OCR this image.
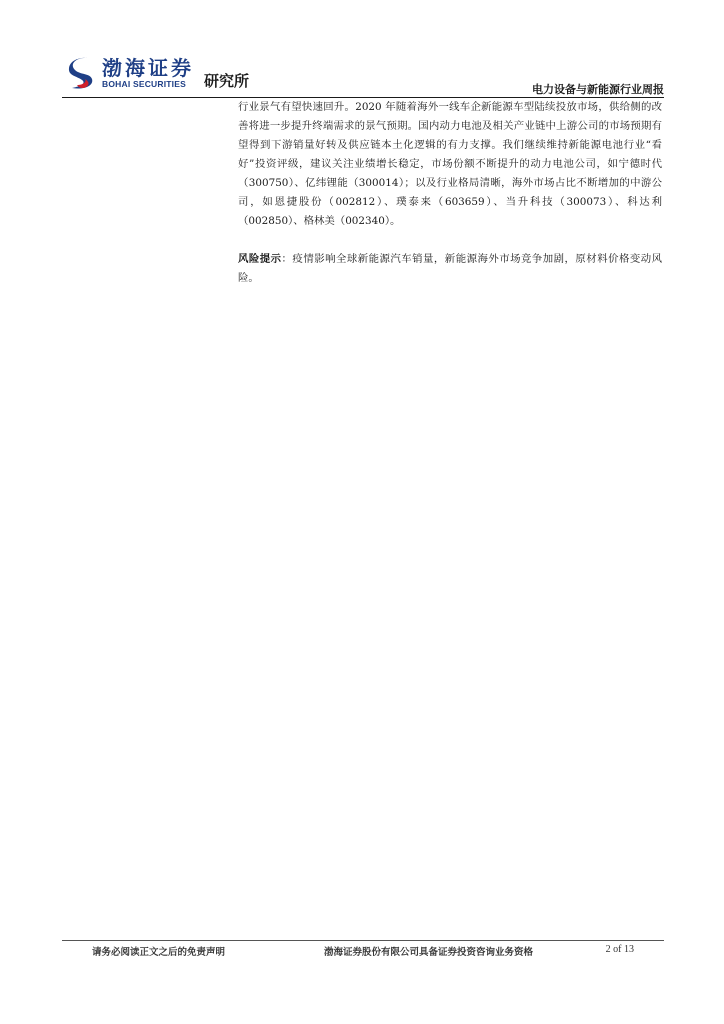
渤海证券
BOHAI SECURITIES	研究所	电力设备与新能源行业周报

行业景气有望快速回升。2020 年随着海外一线车企新能源车型陆续投放市场，供给侧的改善将进一步提升终端需求的景气预期。国内动力电池及相关产业链中上游公司的市场预期有望得到下游销量好转及供应链本土化逻辑的有力支撑。我们继续维持新能源电池行业“看好”投资评级，建议关注业绩增长稳定，市场份额不断提升的动力电池公司，如宁德时代（300750）、亿纬锂能（300014）；以及行业格局清晰，海外市场占比不断增加的中游公司，如恩捷股份（002812）、璞泰来（603659）、当升科技（300073）、科达利（002850）、格林美（002340）。

风险提示：疫情影响全球新能源汽车销量，新能源海外市场竞争加剧，原材料价格变动风险。

请务必阅读正文之后的免责声明	渤海证券股份有限公司具备证券投资咨询业务资格	2 of 13
